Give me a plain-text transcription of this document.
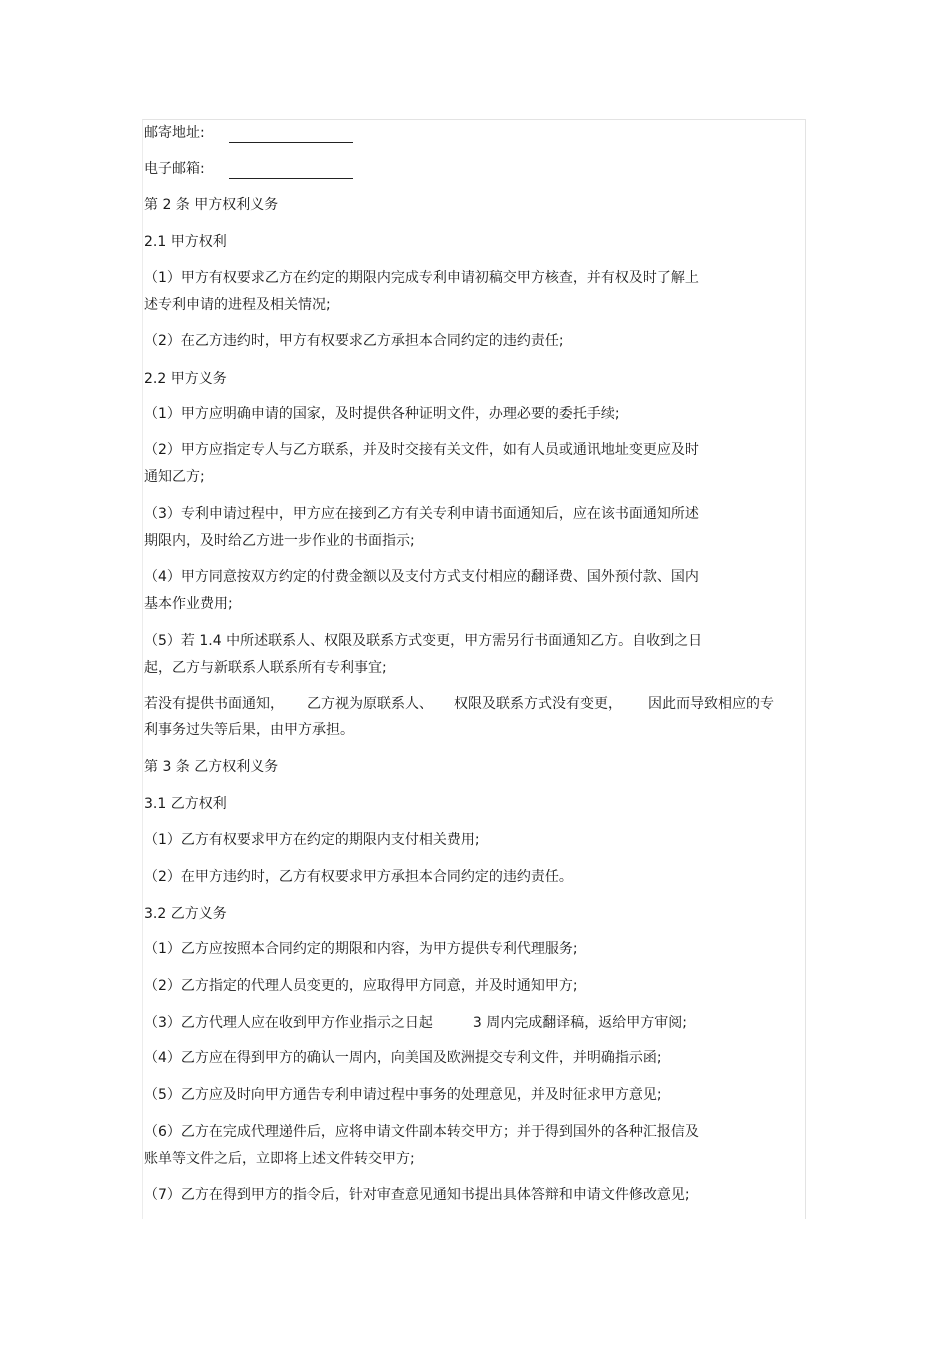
邮寄地址:
电子邮箱:
第 2 条 甲方权利义务
2.1 甲方权利
（1）甲方有权要求乙方在约定的期限内完成专利申请初稿交甲方核查，并有权及时了解上
述专利申请的进程及相关情况;
（2）在乙方违约时，甲方有权要求乙方承担本合同约定的违约责任;
2.2 甲方义务
（1）甲方应明确申请的国家，及时提供各种证明文件，办理必要的委托手续;
（2）甲方应指定专人与乙方联系，并及时交接有关文件，如有人员或通讯地址变更应及时
通知乙方;
（3）专利申请过程中，甲方应在接到乙方有关专利申请书面通知后，应在该书面通知所述
期限内，及时给乙方进一步作业的书面指示;
（4）甲方同意按双方约定的付费金额以及支付方式支付相应的翻译费、国外预付款、国内
基本作业费用;
（5）若 1.4 中所述联系人、权限及联系方式变更，甲方需另行书面通知乙方。自收到之日
起，乙方与新联系人联系所有专利事宜;
若没有提供书面通知， 乙方视为原联系人、 权限及联系方式没有变更， 因此而导致相应的专
利事务过失等后果，由甲方承担。
第 3 条 乙方权利义务
3.1 乙方权利
（1）乙方有权要求甲方在约定的期限内支付相关费用;
（2）在甲方违约时，乙方有权要求甲方承担本合同约定的违约责任。
3.2 乙方义务
（1）乙方应按照本合同约定的期限和内容，为甲方提供专利代理服务;
（2）乙方指定的代理人员变更的，应取得甲方同意，并及时通知甲方;
（3）乙方代理人应在收到甲方作业指示之日起	3 周内完成翻译稿，返给甲方审阅;
（4）乙方应在得到甲方的确认一周内，向美国及欧洲提交专利文件，并明确指示函;
（5）乙方应及时向甲方通告专利申请过程中事务的处理意见，并及时征求甲方意见;
（6）乙方在完成代理递件后，应将申请文件副本转交甲方；并于得到国外的各种汇报信及
账单等文件之后，立即将上述文件转交甲方;
（7）乙方在得到甲方的指令后，针对审查意见通知书提出具体答辩和申请文件修改意见;
